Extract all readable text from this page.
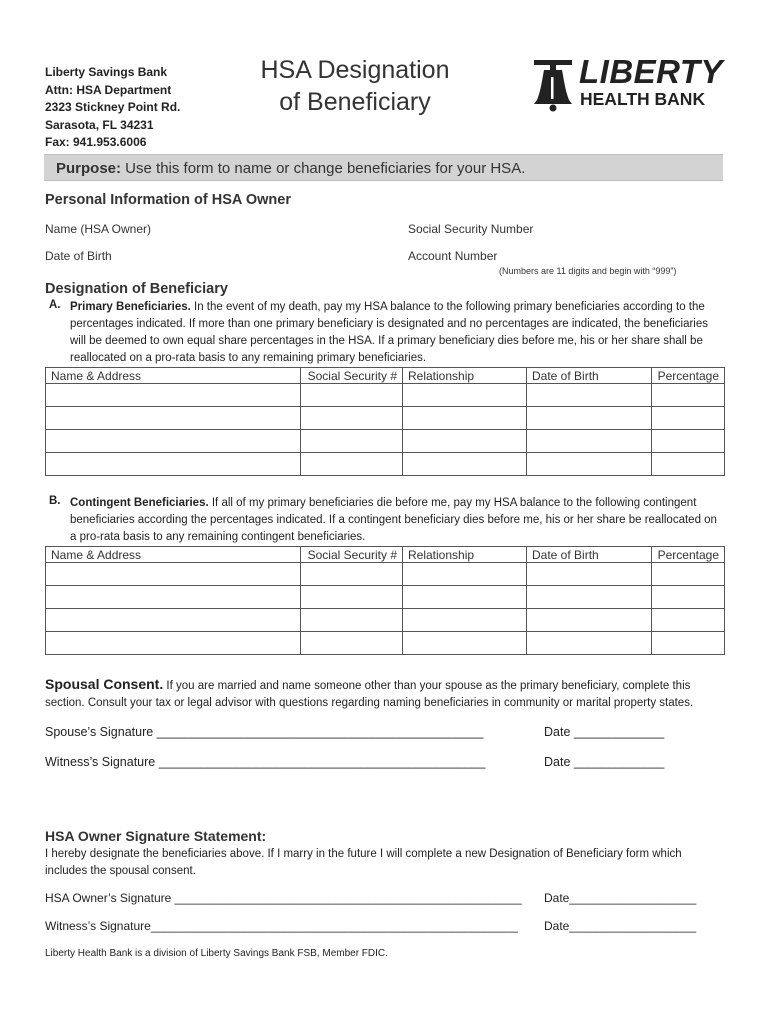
Liberty Savings Bank
Attn: HSA Department
2323 Stickney Point Rd.
Sarasota, FL 34231
Fax: 941.953.6006
HSA Designation
of Beneficiary
LIBERTY
HEALTH BANK
Purpose: Use this form to name or change beneficiaries for your HSA.
Personal Information of HSA Owner
Name (HSA Owner)	Social Security Number
Date of Birth	Account Number
(Numbers are 11 digits and begin with “999”)
Designation of Beneficiary
A. Primary Beneficiaries. In the event of my death, pay my HSA balance to the following primary beneficiaries according to the percentages indicated. If more than one primary beneficiary is designated and no percentages are indicated, the beneficiaries will be deemed to own equal share percentages in the HSA. If a primary beneficiary dies before me, his or her share shall be reallocated on a pro-rata basis to any remaining primary beneficiaries.
Name & Address	Social Security #	Relationship	Date of Birth	Percentage

B. Contingent Beneficiaries. If all of my primary beneficiaries die before me, pay my HSA balance to the following contingent beneficiaries according the percentages indicated. If a contingent beneficiary dies before me, his or her share be reallocated on a pro-rata basis to any remaining contingent beneficiaries.
Name & Address	Social Security #	Relationship	Date of Birth	Percentage

Spousal Consent. If you are married and name someone other than your spouse as the primary beneficiary, complete this section. Consult your tax or legal advisor with questions regarding naming beneficiaries in community or marital property states.
Spouse’s Signature _______________________________________________	Date _____________
Witness’s Signature _______________________________________________	Date _____________
HSA Owner Signature Statement:
I hereby designate the beneficiaries above. If I marry in the future I will complete a new Designation of Beneficiary form which includes the spousal consent.
HSA Owner’s Signature ____________________________________________________ Date___________________
Witness’s Signature_______________________________________________________ Date___________________
Liberty Health Bank is a division of Liberty Savings Bank FSB, Member FDIC.
